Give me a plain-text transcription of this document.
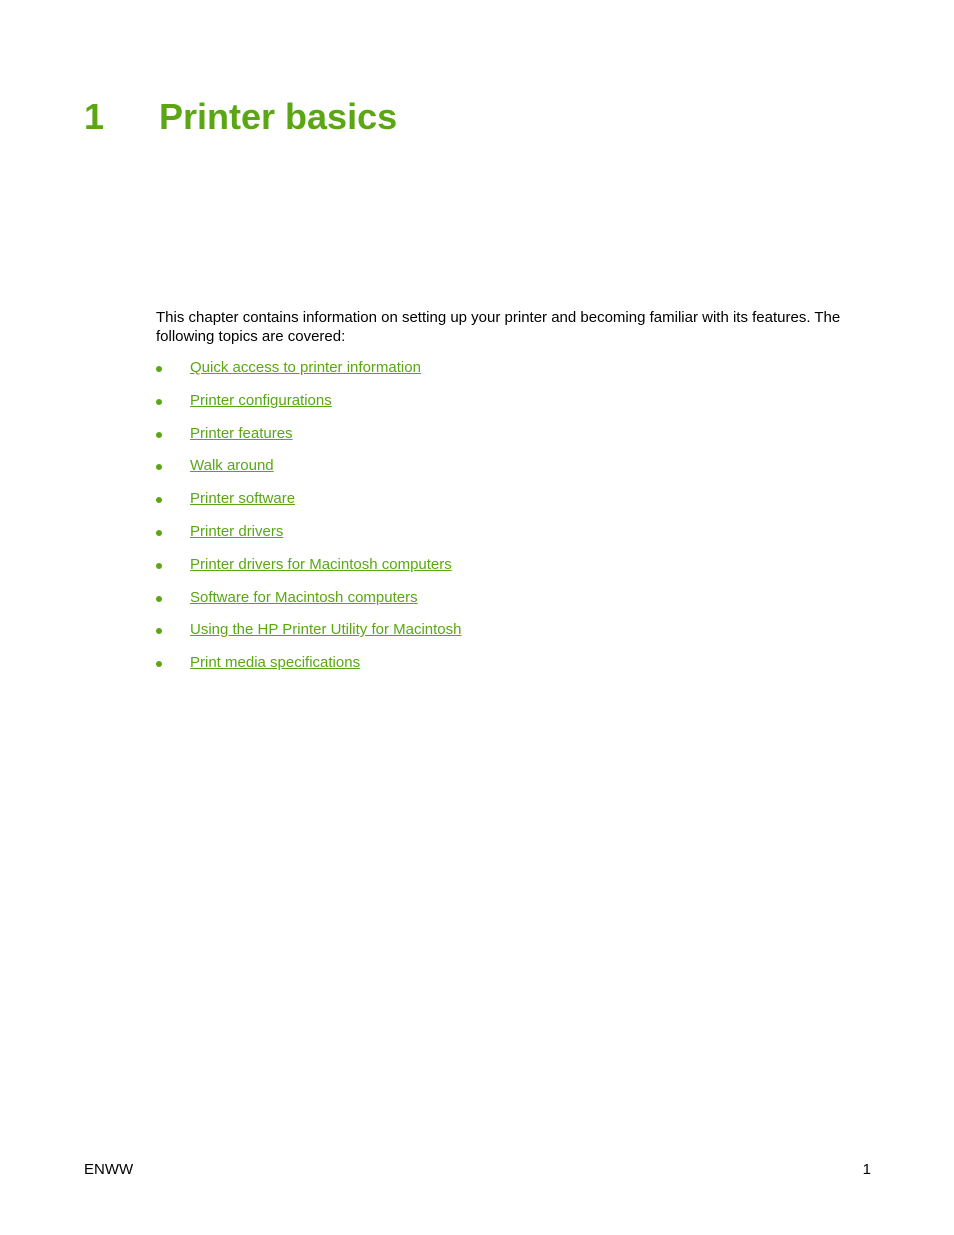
1 Printer basics

This chapter contains information on setting up your printer and becoming familiar with its features. The following topics are covered:

Quick access to printer information
Printer configurations
Printer features
Walk around
Printer software
Printer drivers
Printer drivers for Macintosh computers
Software for Macintosh computers
Using the HP Printer Utility for Macintosh
Print media specifications
ENWW	1
